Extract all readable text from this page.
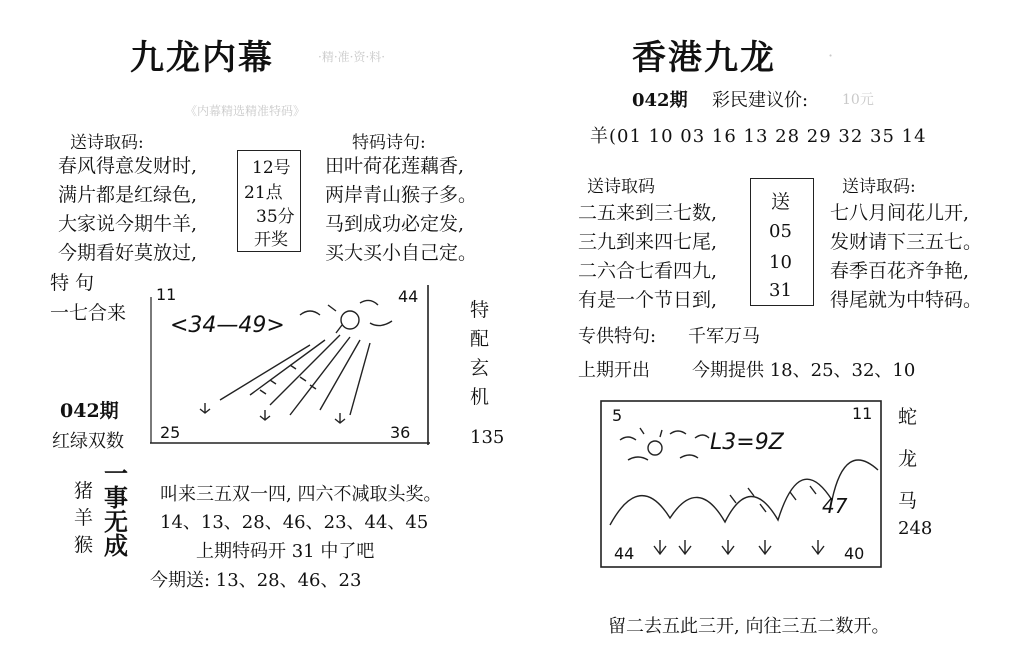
九龙内幕	·精·准·资·料·
《内幕精选精准特码》
送诗取码:	特码诗句:
春风得意发财时,
满片都是红绿色,
大家说今期牛羊,
今期看好莫放过,
12号
21点
35分
开奖
田叶荷花莲藕香,
两岸青山猴子多。
马到成功必定发,
买大买小自己定。
特 句
一七合来
11	44
25	36
<34—49>
特
配
玄
机
042期
红绿双数	135
猪
羊
猴
一
事
无
成
叫来三五双一四, 四六不减取头奖。
14、13、28、46、23、44、45
上期特码开 31 中了吧
今期送: 13、28、46、23
香港九龙	·
042期 彩民建议价: 10元
羊(01 10 03 16 13 28 29 32 35 14
送诗取码	送诗取码:
二五来到三七数,
三九到来四七尾,
二六合七看四九,
有是一个节日到,
送
05
10
31
七八月间花儿开,
发财请下三五七。
春季百花齐争艳,
得尾就为中特码。
专供特句: 千军万马
上期开出 今期提供 18、25、32、10
5	11
44	40
L3=9Z
47
蛇
龙
马
248
留二去五此三开, 向往三五二数开。
